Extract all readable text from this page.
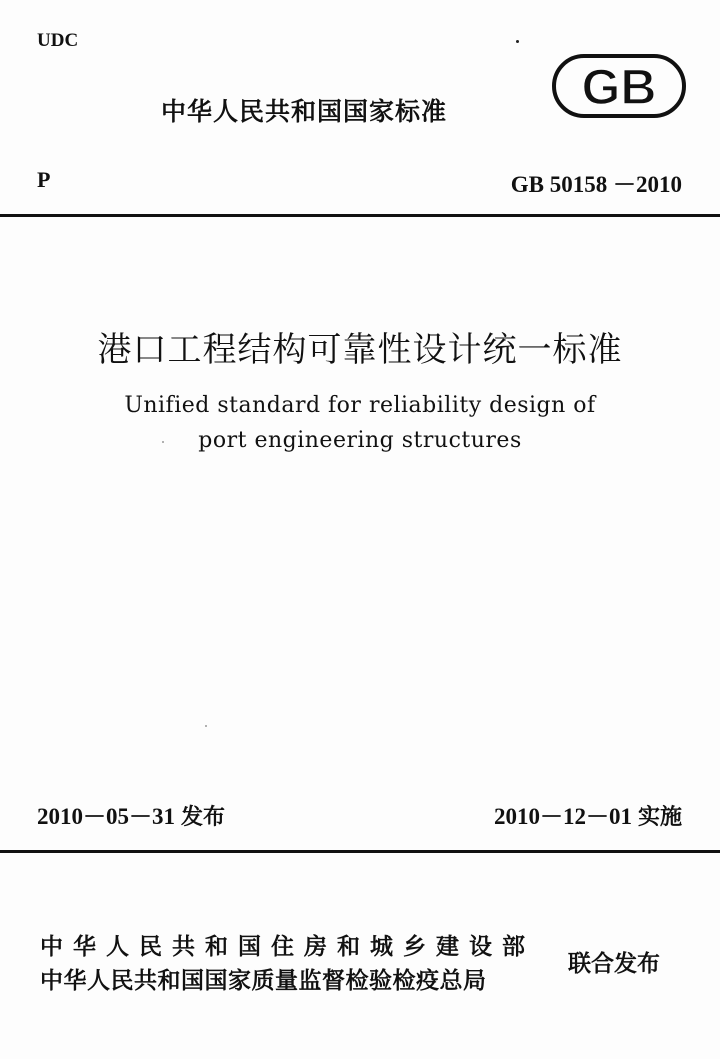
UDC
中华人民共和国国家标准	GB
P	GB 50158 －2010
港口工程结构可靠性设计统一标准
Unified standard for reliability design of
port engineering structures
2010－05－31 发布	2010－12－01 实施
中华人民共和国住房和城乡建设部
中华人民共和国国家质量监督检验检疫总局
联合发布
